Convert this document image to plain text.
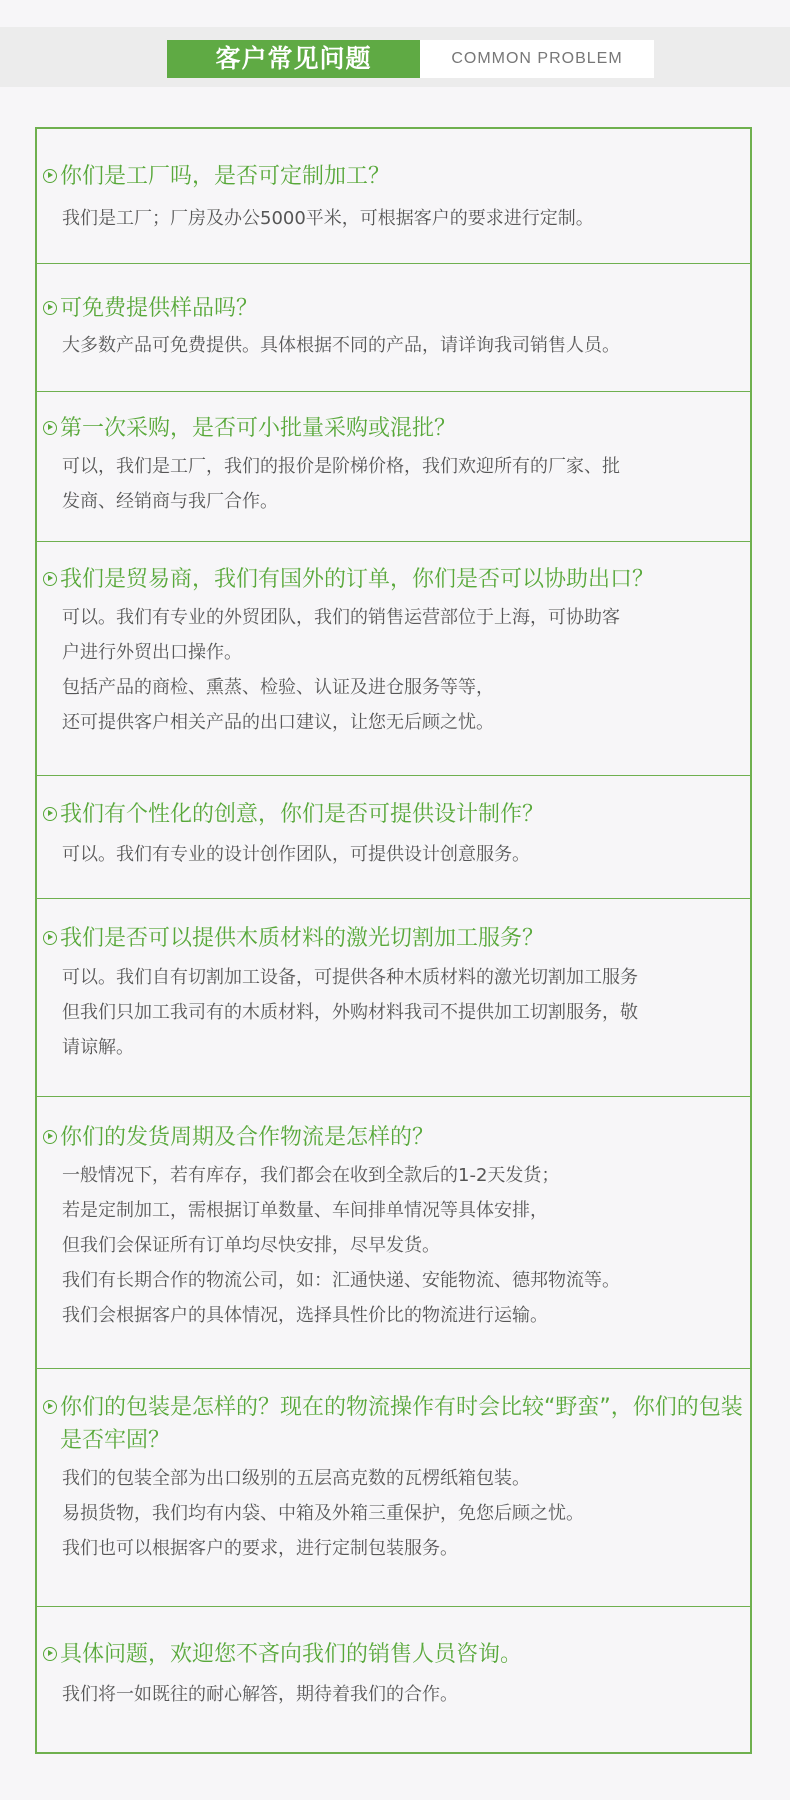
客户常见问题	COMMON PROBLEM
你们是工厂吗，是否可定制加工？
我们是工厂；厂房及办公5000平米，可根据客户的要求进行定制。
可免费提供样品吗？
大多数产品可免费提供。具体根据不同的产品，请详询我司销售人员。
第一次采购，是否可小批量采购或混批？
可以，我们是工厂，我们的报价是阶梯价格，我们欢迎所有的厂家、批
发商、经销商与我厂合作。
我们是贸易商，我们有国外的订单，你们是否可以协助出口？
可以。我们有专业的外贸团队，我们的销售运营部位于上海，可协助客
户进行外贸出口操作。
包括产品的商检、熏蒸、检验、认证及进仓服务等等，
还可提供客户相关产品的出口建议，让您无后顾之忧。
我们有个性化的创意，你们是否可提供设计制作？
可以。我们有专业的设计创作团队，可提供设计创意服务。
我们是否可以提供木质材料的激光切割加工服务？
可以。我们自有切割加工设备，可提供各种木质材料的激光切割加工服务
但我们只加工我司有的木质材料，外购材料我司不提供加工切割服务，敬
请谅解。
你们的发货周期及合作物流是怎样的？
一般情况下，若有库存，我们都会在收到全款后的1-2天发货；
若是定制加工，需根据订单数量、车间排单情况等具体安排，
但我们会保证所有订单均尽快安排，尽早发货。
我们有长期合作的物流公司，如：汇通快递、安能物流、德邦物流等。
我们会根据客户的具体情况，选择具性价比的物流进行运输。
你们的包装是怎样的？现在的物流操作有时会比较“野蛮”，你们的包装是否牢固？
我们的包装全部为出口级别的五层高克数的瓦楞纸箱包装。
易损货物，我们均有内袋、中箱及外箱三重保护，免您后顾之忧。
我们也可以根据客户的要求，进行定制包装服务。
具体问题，欢迎您不吝向我们的销售人员咨询。
我们将一如既往的耐心解答，期待着我们的合作。
